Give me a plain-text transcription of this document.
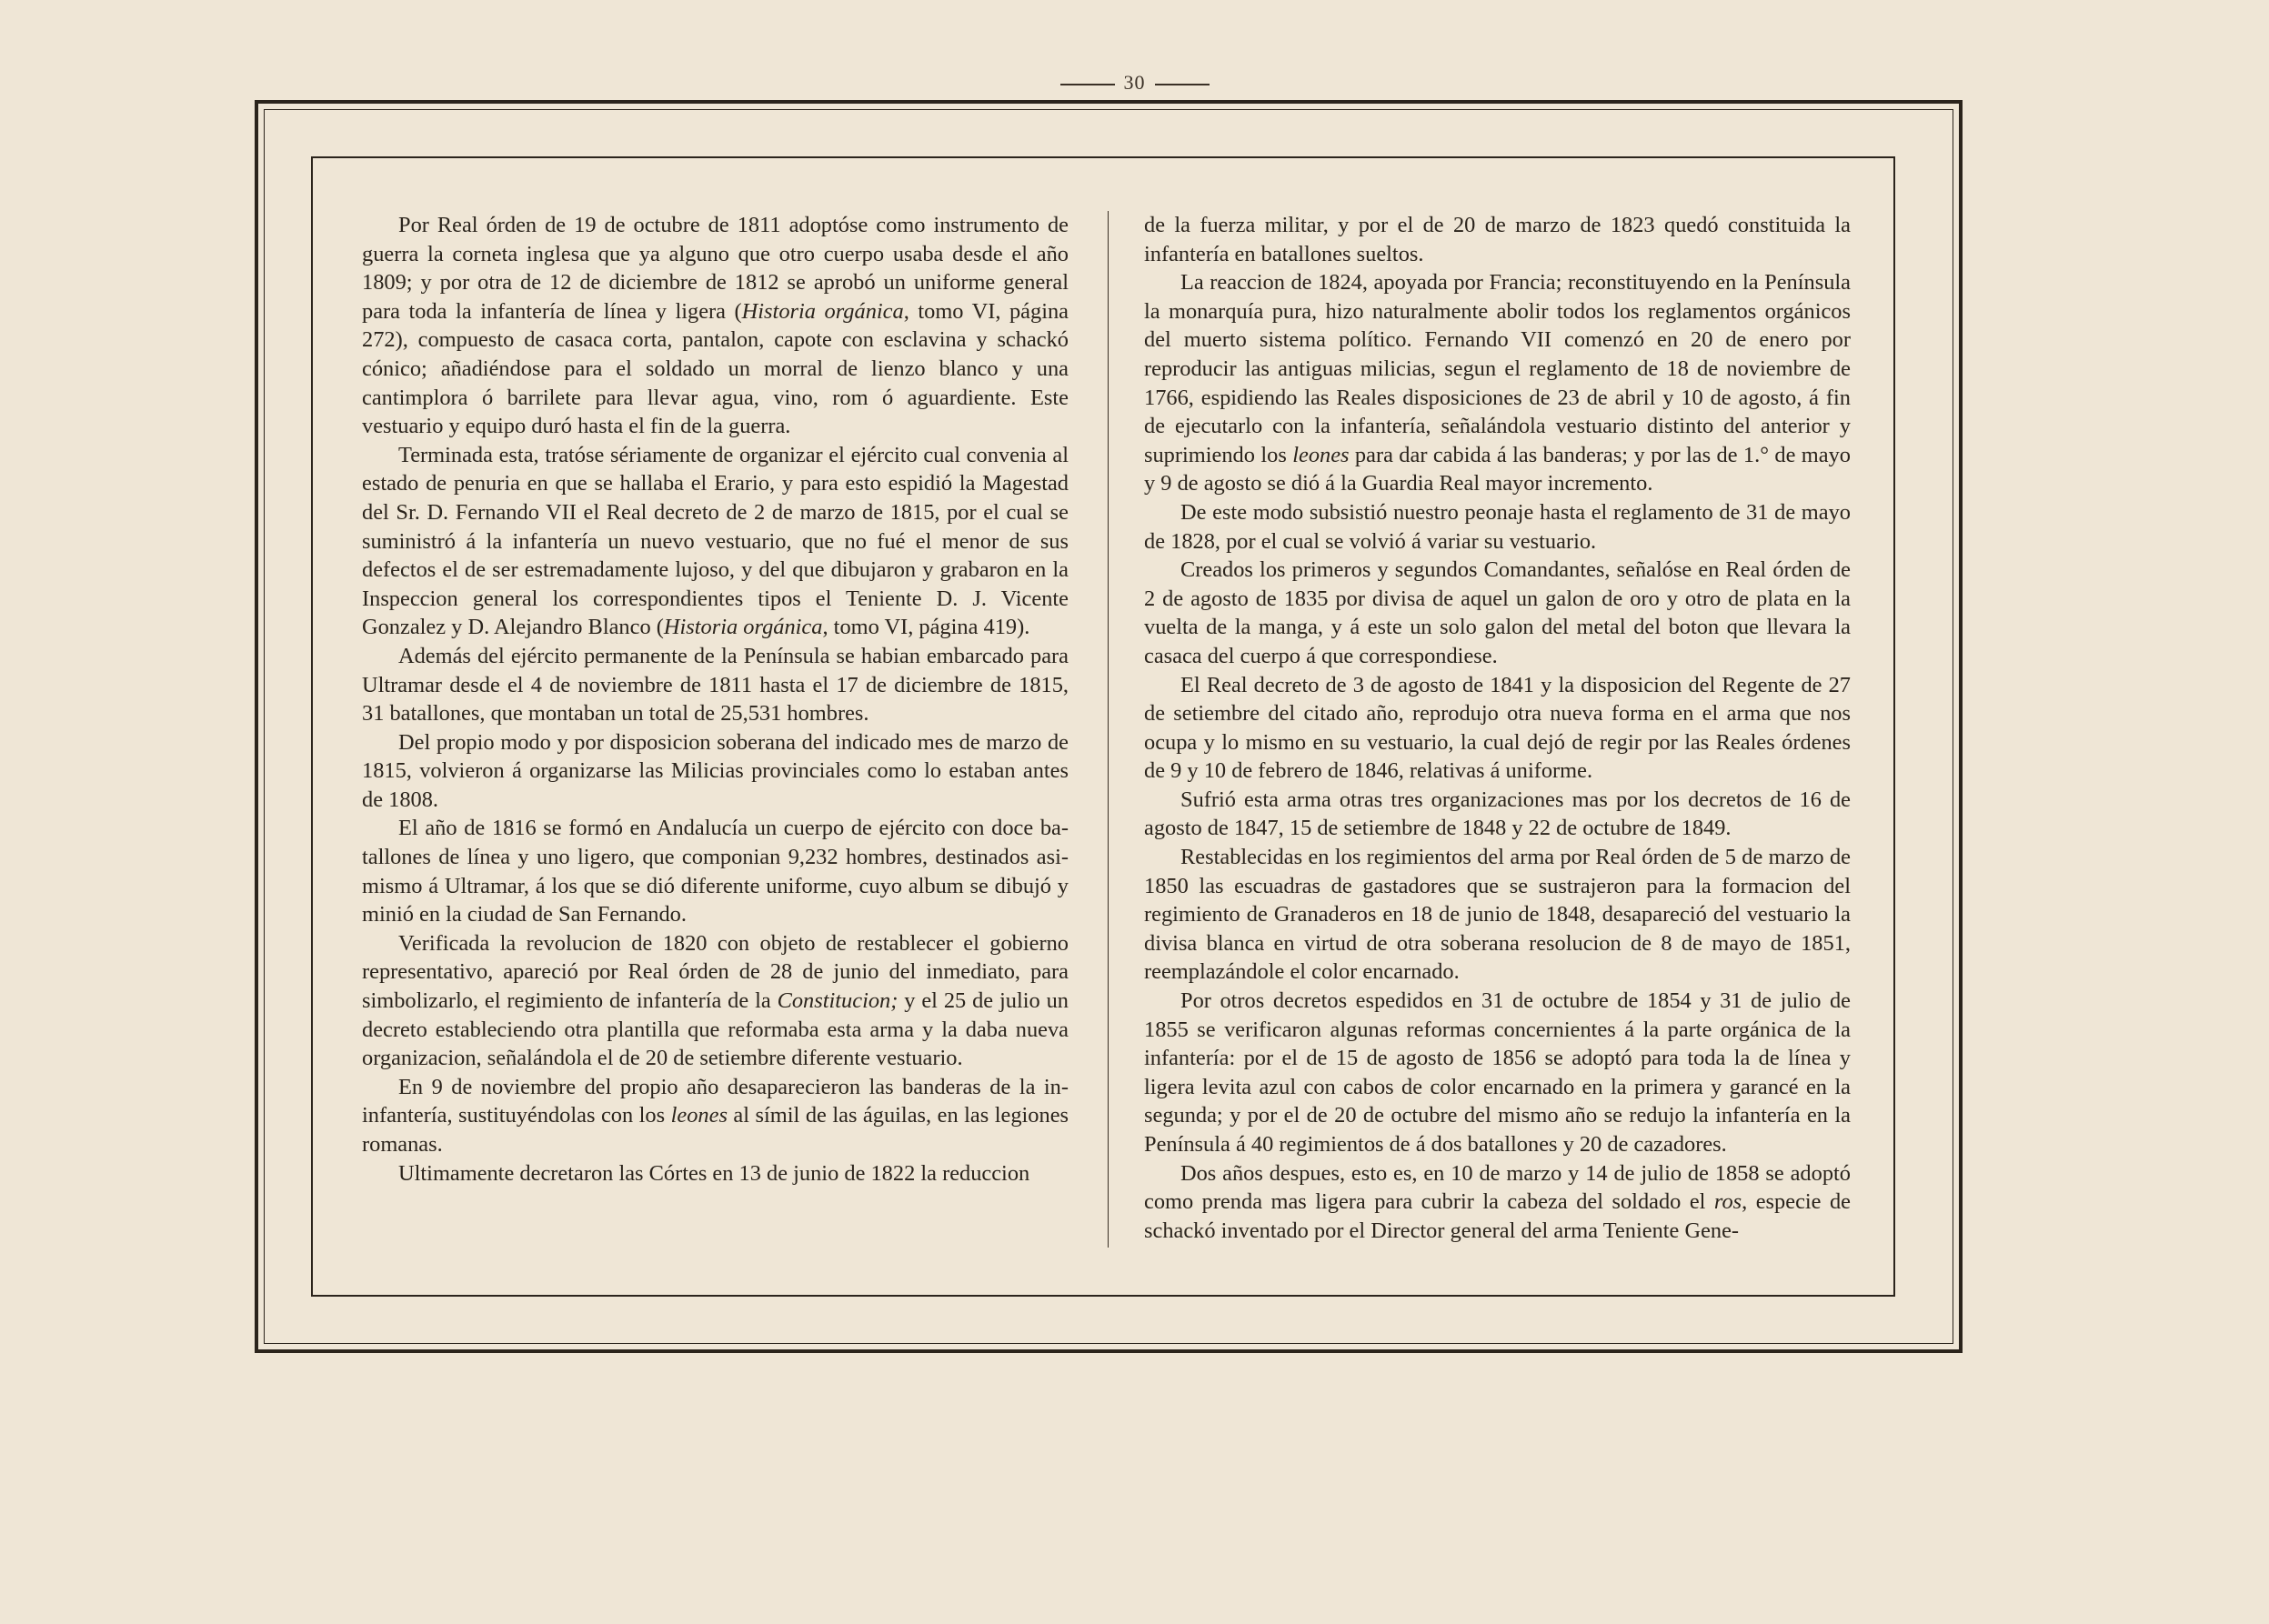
30

Por Real órden de 19 de octubre de 1811 adoptóse como instrumento de guerra la corneta inglesa que ya alguno que otro cuerpo usaba desde el año 1809; y por otra de 12 de diciembre de 1812 se aprobó un uniforme general para toda la infantería de línea y ligera (Historia orgánica, tomo VI, página 272), compuesto de casaca corta, pantalon, capote con esclavina y schackó cónico; añadiéndose para el soldado un morral de lienzo blanco y una cantimplora ó barrilete para llevar agua, vino, rom ó aguardiente. Este vestuario y equipo duró hasta el fin de la guerra.

Terminada esta, tratóse sériamente de organizar el ejército cual convenia al estado de penuria en que se hallaba el Erario, y para esto espidió la Magestad del Sr. D. Fernando VII el Real decreto de 2 de marzo de 1815, por el cual se suministró á la infantería un nuevo vestuario, que no fué el menor de sus defectos el de ser estremadamente lujoso, y del que dibujaron y grabaron en la Inspeccion general los correspondientes tipos el Teniente D. J. Vicente Gonzalez y D. Alejandro Blanco (Historia orgánica, tomo VI, página 419).

Además del ejército permanente de la Península se habian embarcado para Ultramar desde el 4 de noviembre de 1811 hasta el 17 de diciembre de 1815, 31 batallones, que montaban un total de 25,531 hombres.

Del propio modo y por disposicion soberana del indicado mes de marzo de 1815, volvieron á organizarse las Milicias provinciales como lo estaban antes de 1808.

El año de 1816 se formó en Andalucía un cuerpo de ejército con doce batallones de línea y uno ligero, que componian 9,232 hombres, destinados asimismo á Ultramar, á los que se dió diferente uniforme, cuyo album se dibujó y minió en la ciudad de San Fernando.

Verificada la revolucion de 1820 con objeto de restablecer el gobierno representativo, apareció por Real órden de 28 de junio del inmediato, para simbolizarlo, el regimiento de infantería de la Constitucion; y el 25 de julio un decreto estableciendo otra plantilla que reformaba esta arma y la daba nueva organizacion, señalándola el de 20 de setiembre diferente vestuario.

En 9 de noviembre del propio año desaparecieron las banderas de la ininfantería, sustituyéndolas con los leones al símil de las águilas, en las legiones romanas.

Ultimamente decretaron las Córtes en 13 de junio de 1822 la reduccion

de la fuerza militar, y por el de 20 de marzo de 1823 quedó constituida la infantería en batallones sueltos.

La reaccion de 1824, apoyada por Francia; reconstituyendo en la Península la monarquía pura, hizo naturalmente abolir todos los reglamentos orgánicos del muerto sistema político. Fernando VII comenzó en 20 de enero por reproducir las antiguas milicias, segun el reglamento de 18 de noviembre de 1766, espidiendo las Reales disposiciones de 23 de abril y 10 de agosto, á fin de ejecutarlo con la infantería, señalándola vestuario distinto del anterior y suprimiendo los leones para dar cabida á las banderas; y por las de 1.° de mayo y 9 de agosto se dió á la Guardia Real mayor incremento.

De este modo subsistió nuestro peonaje hasta el reglamento de 31 de mayo de 1828, por el cual se volvió á variar su vestuario.

Creados los primeros y segundos Comandantes, señalóse en Real órden de 2 de agosto de 1835 por divisa de aquel un galon de oro y otro de plata en la vuelta de la manga, y á este un solo galon del metal del boton que llevara la casaca del cuerpo á que correspondiese.

El Real decreto de 3 de agosto de 1841 y la disposicion del Regente de 27 de setiembre del citado año, reprodujo otra nueva forma en el arma que nos ocupa y lo mismo en su vestuario, la cual dejó de regir por las Reales órdenes de 9 y 10 de febrero de 1846, relativas á uniforme.

Sufrió esta arma otras tres organizaciones mas por los decretos de 16 de agosto de 1847, 15 de setiembre de 1848 y 22 de octubre de 1849.

Restablecidas en los regimientos del arma por Real órden de 5 de marzo de 1850 las escuadras de gastadores que se sustrajeron para la formacion del regimiento de Granaderos en 18 de junio de 1848, desapareció del vestuario la divisa blanca en virtud de otra soberana resolucion de 8 de mayo de 1851, reemplazándole el color encarnado.

Por otros decretos espedidos en 31 de octubre de 1854 y 31 de julio de 1855 se verificaron algunas reformas concernientes á la parte orgánica de la infantería: por el de 15 de agosto de 1856 se adoptó para toda la de línea y ligera levita azul con cabos de color encarnado en la primera y garancé en la segunda; y por el de 20 de octubre del mismo año se redujo la infantería en la Península á 40 regimientos de á dos batallones y 20 de cazadores.

Dos años despues, esto es, en 10 de marzo y 14 de julio de 1858 se adoptó como prenda mas ligera para cubrir la cabeza del soldado el ros, especie de schackó inventado por el Director general del arma Teniente Gene-
